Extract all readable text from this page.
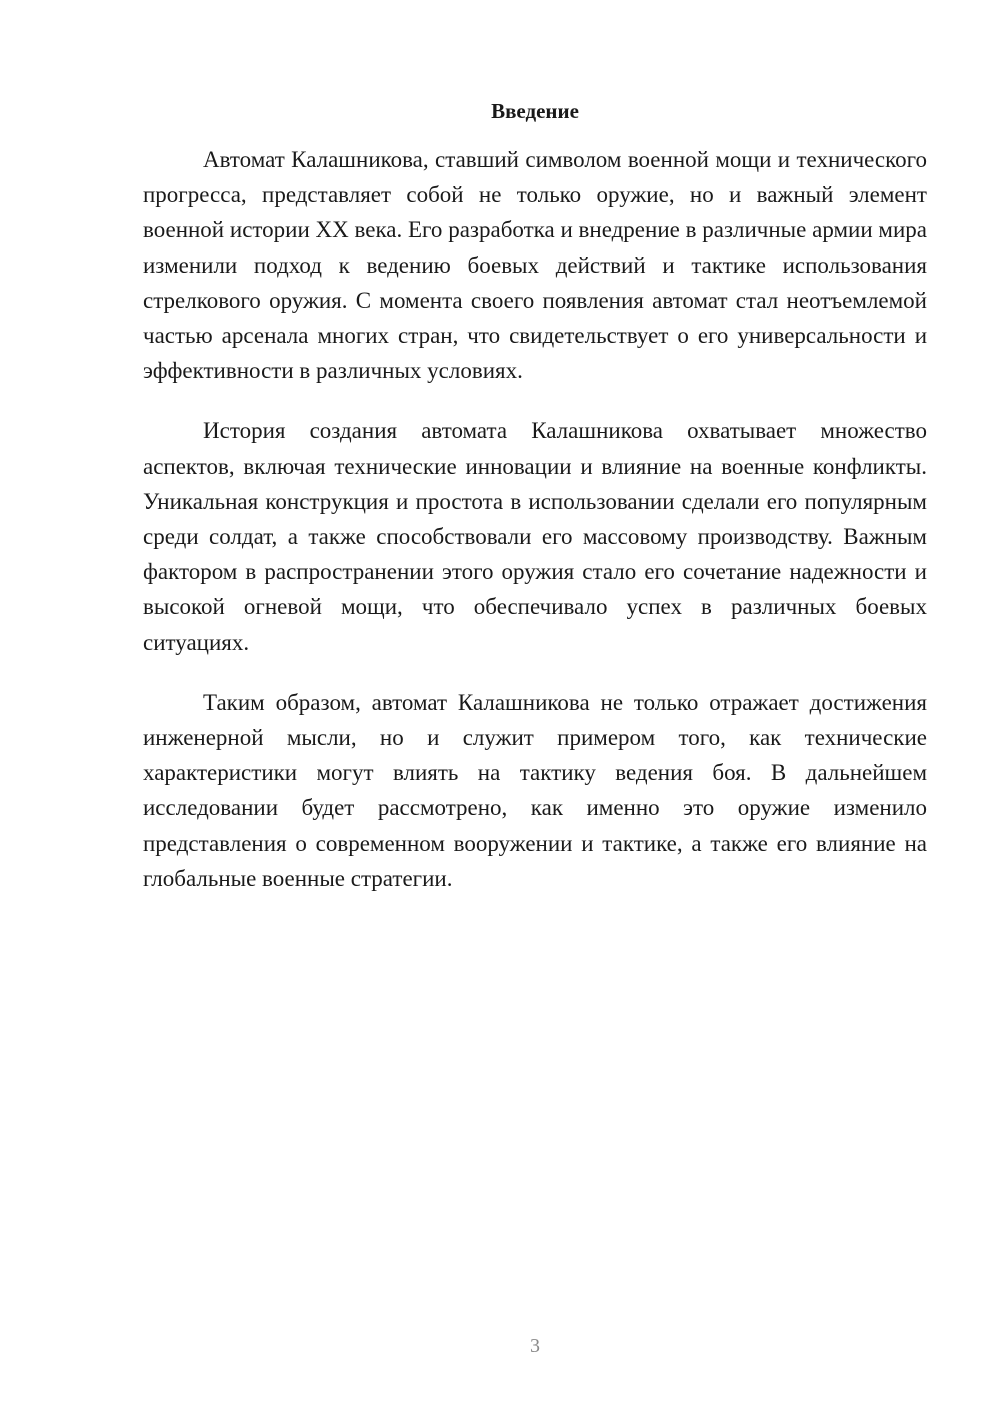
Введение

Автомат Калашникова, ставший символом военной мощи и технического прогресса, представляет собой не только оружие, но и важный элемент военной истории XX века. Его разработка и внедрение в различные армии мира изменили подход к ведению боевых действий и тактике использования стрелкового оружия. С момента своего появления автомат стал неотъемлемой частью арсенала многих стран, что свидетельствует о его универсальности и эффективности в различных условиях.

История создания автомата Калашникова охватывает множество аспектов, включая технические инновации и влияние на военные конфликты. Уникальная конструкция и простота в использовании сделали его популярным среди солдат, а также способствовали его массовому производству. Важным фактором в распространении этого оружия стало его сочетание надежности и высокой огневой мощи, что обеспечивало успех в различных боевых ситуациях.

Таким образом, автомат Калашникова не только отражает достижения инженерной мысли, но и служит примером того, как технические характеристики могут влиять на тактику ведения боя. В дальнейшем исследовании будет рассмотрено, как именно это оружие изменило представления о современном вооружении и тактике, а также его влияние на глобальные военные стратегии.

3
